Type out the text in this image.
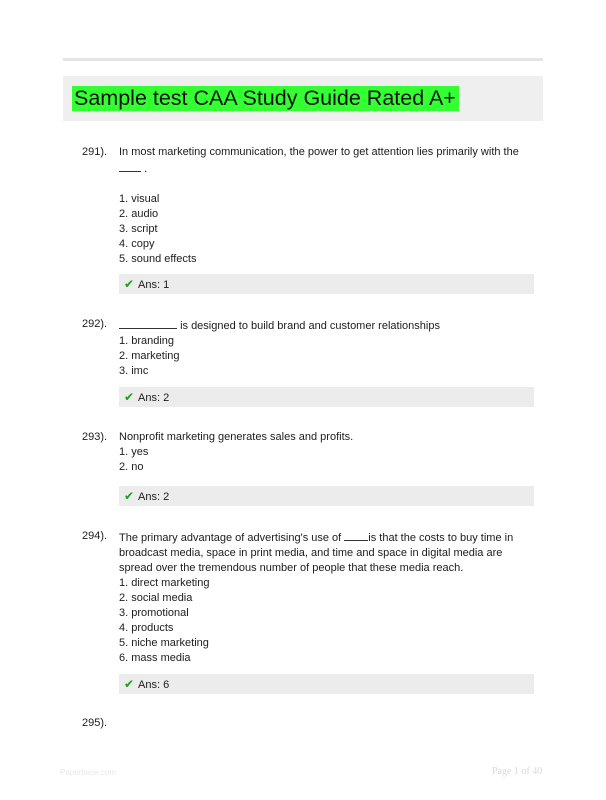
Sample test CAA Study Guide Rated A+
291). In most marketing communication, the power to get attention lies primarily with the
.

1. visual
2. audio
3. script
4. copy
5. sound effects
✔ Ans: 1
292).	is designed to build brand and customer relationships

1. branding
2. marketing
3. imc
✔ Ans: 2
293). Nonprofit marketing generates sales and profits.

1. yes
2. no
✔ Ans: 2
294). The primary advantage of advertising's use of is that the costs to buy time in broadcast media, space in print media, and time and space in digital media are spread over the tremendous number of people that these media reach.

1. direct marketing
2. social media
3. promotional
4. products
5. niche marketing
6. mass media
✔ Ans: 6
295).
Paperbase.com	Page 1 of 40
